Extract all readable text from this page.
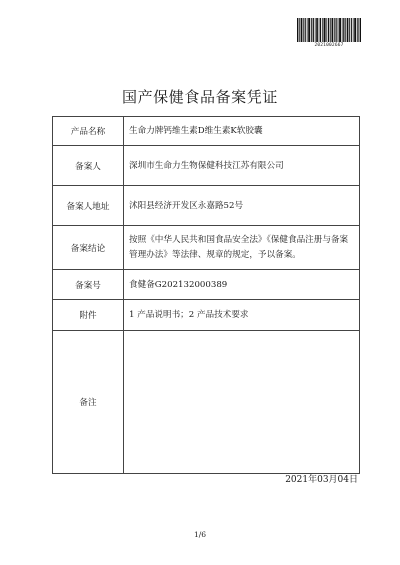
2021002667
国产保健食品备案凭证
产品名称	生命力牌钙维生素D维生素K软胶囊
备案人	深圳市生命力生物保健科技江苏有限公司
备案人地址	沭阳县经济开发区永嘉路52号
备案结论	按照《中华人民共和国食品安全法》《保健食品注册与备案管理办法》等法律、规章的规定，予以备案。
备案号	食健备G202132000389
附件	1 产品说明书；2 产品技术要求
备注	
2021年03月04日
1/6
